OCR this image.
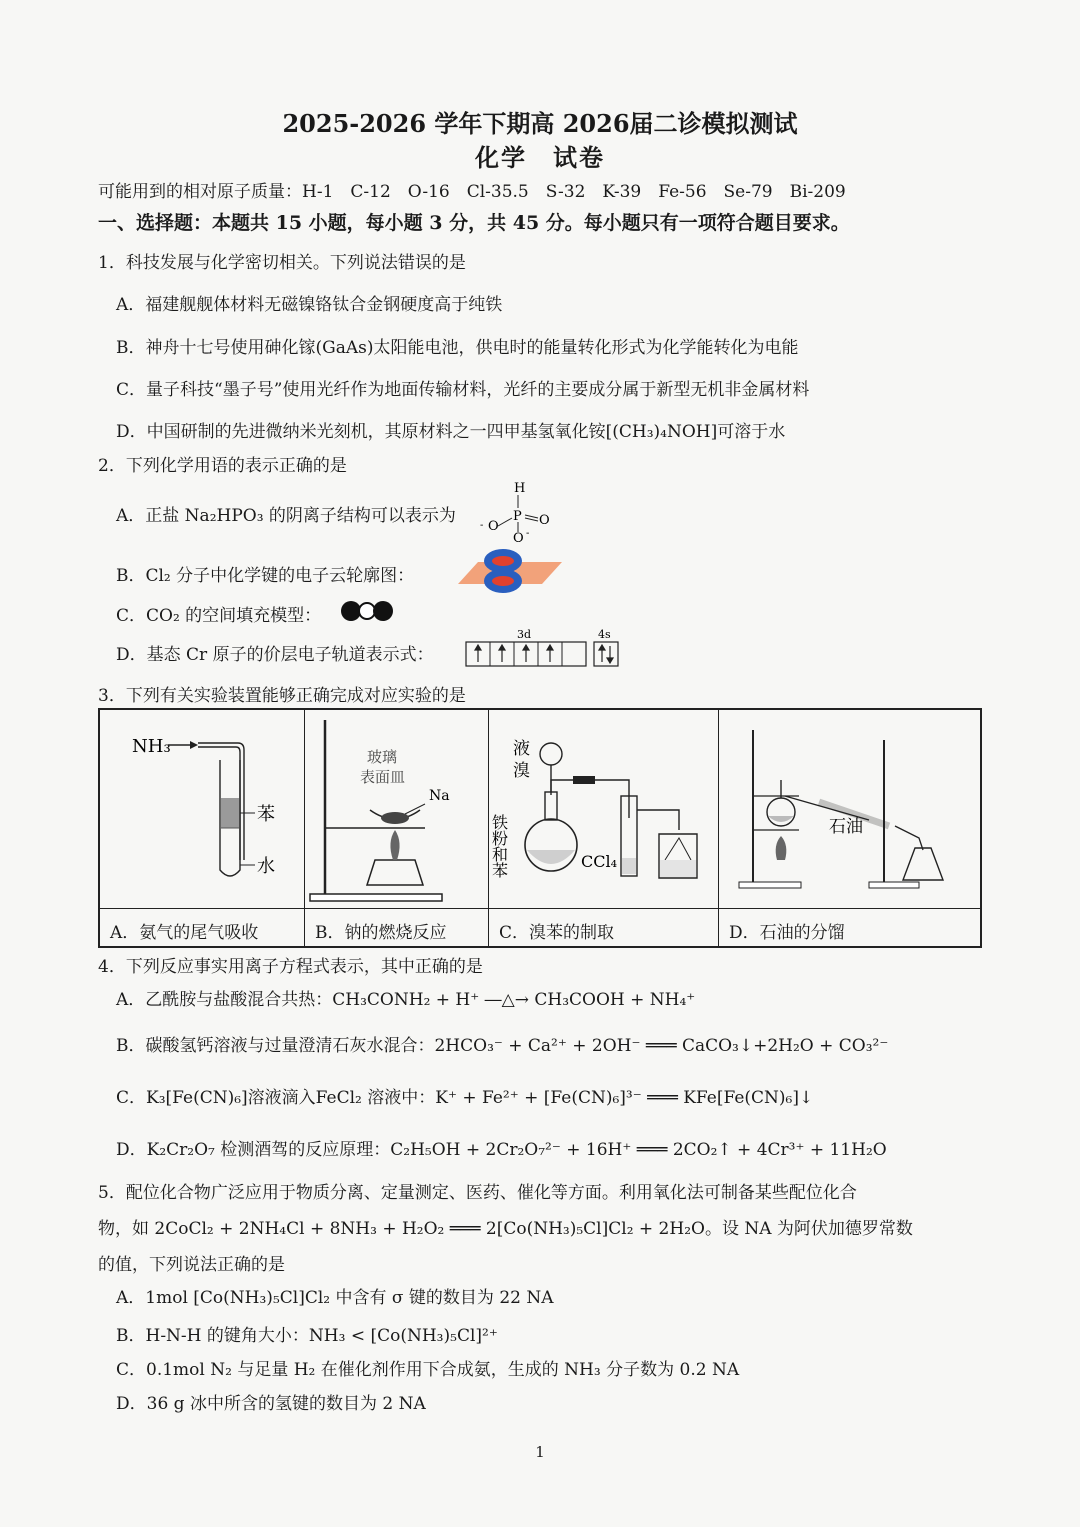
2025-2026 学年下期高 2026届二诊模拟测试
化学　试卷
可能用到的相对原子质量：H-1　C-12　O-16　Cl-35.5　S-32　K-39　Fe-56　Se-79　Bi-209
一、选择题：本题共 15 小题，每小题 3 分，共 45 分。每小题只有一项符合题目要求。
1．科技发展与化学密切相关。下列说法错误的是
A．福建舰舰体材料无磁镍铬钛合金钢硬度高于纯铁
B．神舟十七号使用砷化镓(GaAs)太阳能电池，供电时的能量转化形式为化学能转化为电能
C．量子科技“墨子号”使用光纤作为地面传输材料，光纤的主要成分属于新型无机非金属材料
D．中国研制的先进微纳米光刻机，其原材料之一四甲基氢氧化铵[(CH₃)₄NOH]可溶于水
2．下列化学用语的表示正确的是
A．正盐 Na₂HPO₃ 的阴离子结构可以表示为
H
P
O
-	O
O -
B．Cl₂ 分子中化学键的电子云轮廓图：
C．CO₂ 的空间填充模型：
D．基态 Cr 原子的价层电子轨道表示式：
3d	4s
3．下列有关实验装置能够正确完成对应实验的是
NH₃
苯
水
玻璃
表面皿
Na
液
溴
铁粉和苯	CCl₄
石油
A．氨气的尾气吸收	B．钠的燃烧反应	C．溴苯的制取	D．石油的分馏
4．下列反应事实用离子方程式表示，其中正确的是
A．乙酰胺与盐酸混合共热：CH₃CONH₂ + H⁺ ―△→ CH₃COOH + NH₄⁺
B．碳酸氢钙溶液与过量澄清石灰水混合：2HCO₃⁻ + Ca²⁺ + 2OH⁻ ═══ CaCO₃↓+2H₂O + CO₃²⁻
C．K₃[Fe(CN)₆]溶液滴入FeCl₂ 溶液中：K⁺ + Fe²⁺ + [Fe(CN)₆]³⁻ ═══ KFe[Fe(CN)₆]↓
D．K₂Cr₂O₇ 检测酒驾的反应原理：C₂H₅OH + 2Cr₂O₇²⁻ + 16H⁺ ═══ 2CO₂↑ + 4Cr³⁺ + 11H₂O
5．配位化合物广泛应用于物质分离、定量测定、医药、催化等方面。利用氧化法可制备某些配位化合
物，如 2CoCl₂ + 2NH₄Cl + 8NH₃ + H₂O₂ ═══ 2[Co(NH₃)₅Cl]Cl₂ + 2H₂O。设 NA 为阿伏加德罗常数
的值，下列说法正确的是
A．1mol [Co(NH₃)₅Cl]Cl₂ 中含有 σ 键的数目为 22 NA
B．H-N-H 的键角大小：NH₃ < [Co(NH₃)₅Cl]²⁺
C．0.1mol N₂ 与足量 H₂ 在催化剂作用下合成氨，生成的 NH₃ 分子数为 0.2 NA
D．36 g 冰中所含的氢键的数目为 2 NA
1
